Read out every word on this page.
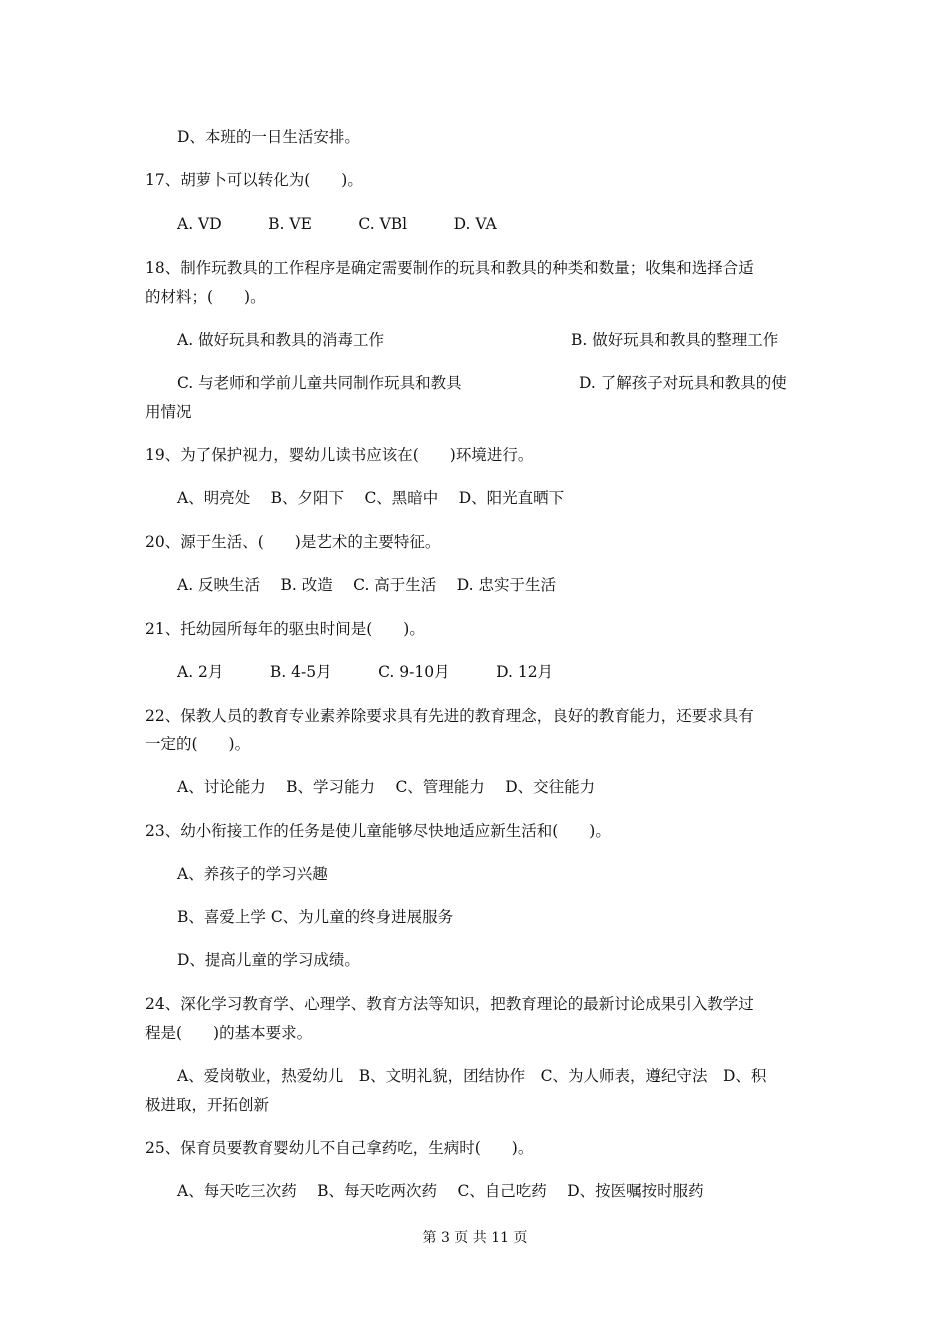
D、本班的一日生活安排。
17、胡萝卜可以转化为(　　)。
A. VD　　　B. VE　　　C. VBl　　　D. VA
18、制作玩教具的工作程序是确定需要制作的玩具和教具的种类和数量；收集和选择合适
的材料；(　　)。
A. 做好玩具和教具的消毒工作	B. 做好玩具和教具的整理工作
C. 与老师和学前儿童共同制作玩具和教具	D. 了解孩子对玩具和教具的使
用情况
19、为了保护视力，婴幼儿读书应该在(　　)环境进行。
A、明亮处　 B、夕阳下　 C、黑暗中　 D、阳光直晒下
20、源于生活、(　　)是艺术的主要特征。
A. 反映生活　 B. 改造　 C. 高于生活　 D. 忠实于生活
21、托幼园所每年的驱虫时间是(　　)。
A. 2月　　　B. 4-5月　　　C. 9-10月　　　D. 12月
22、保教人员的教育专业素养除要求具有先进的教育理念，良好的教育能力，还要求具有
一定的(　　)。
A、讨论能力　 B、学习能力　 C、管理能力　 D、交往能力
23、幼小衔接工作的任务是使儿童能够尽快地适应新生活和(　　)。
A、养孩子的学习兴趣
B、喜爱上学 C、为儿童的终身进展服务
D、提高儿童的学习成绩。
24、深化学习教育学、心理学、教育方法等知识，把教育理论的最新讨论成果引入教学过
程是(　　)的基本要求。
A、爱岗敬业，热爱幼儿　B、文明礼貌，团结协作　C、为人师表，遵纪守法　D、积
极进取，开拓创新
25、保育员要教育婴幼儿不自己拿药吃，生病时(　　)。
A、每天吃三次药　 B、每天吃两次药　 C、自己吃药　 D、按医嘱按时服药
第 3 页 共 11 页
